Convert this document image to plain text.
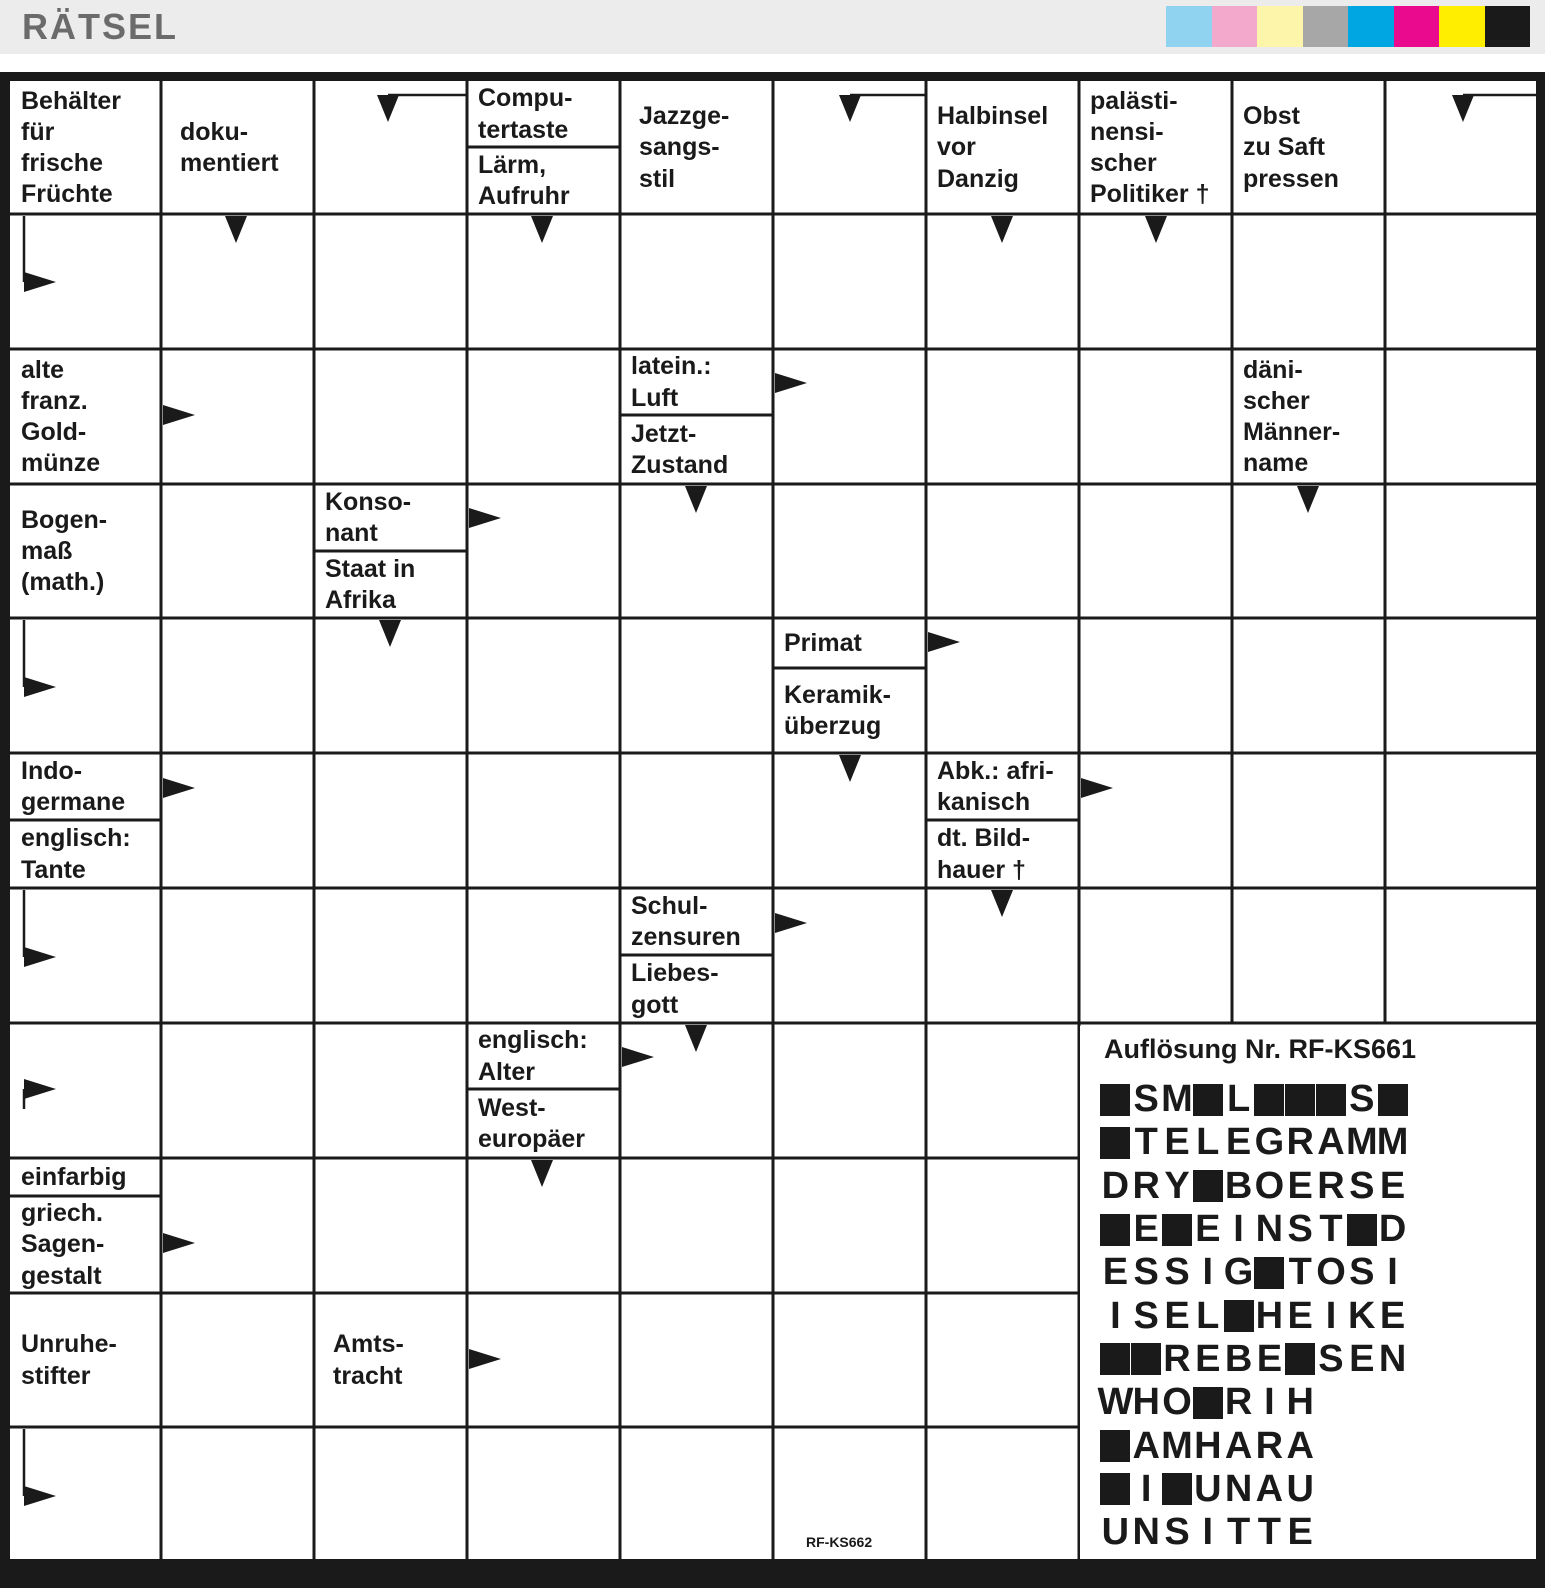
RÄTSEL
Behälter
für
frische
Früchte
doku-
mentiert
Compu-
tertaste
Lärm,
Aufruhr
Jazzge-
sangs-
stil
Halbinsel
vor
Danzig
palästi-
nensi-
scher
Politiker †
Obst
zu Saft
pressen
alte
franz.
Gold-
münze
latein.:
Luft
Jetzt-
Zustand
däni-
scher
Männer-
name
Bogen-
maß
(math.)
Konso-
nant
Staat in
Afrika
Primat
Keramik-
überzug
Indo-
germane
englisch:
Tante
Abk.: afri-
kanisch
dt. Bild-
hauer †
Schul-
zensuren
Liebes-
gott
englisch:
Alter
West-
europäer
einfarbig
griech.
Sagen-
gestalt
Unruhe-
stifter
Amts-
tracht
Auflösung Nr. RF-KS661
S M L	S
T E L E G R A M M
D R Y B O E R S E
E E I N S T D
E S S I G T O S I
I S E L H E I K E
R E B E S E N
W H O R I H
A M H A R A
I U N A U
U N S I T T E
RF-KS662
